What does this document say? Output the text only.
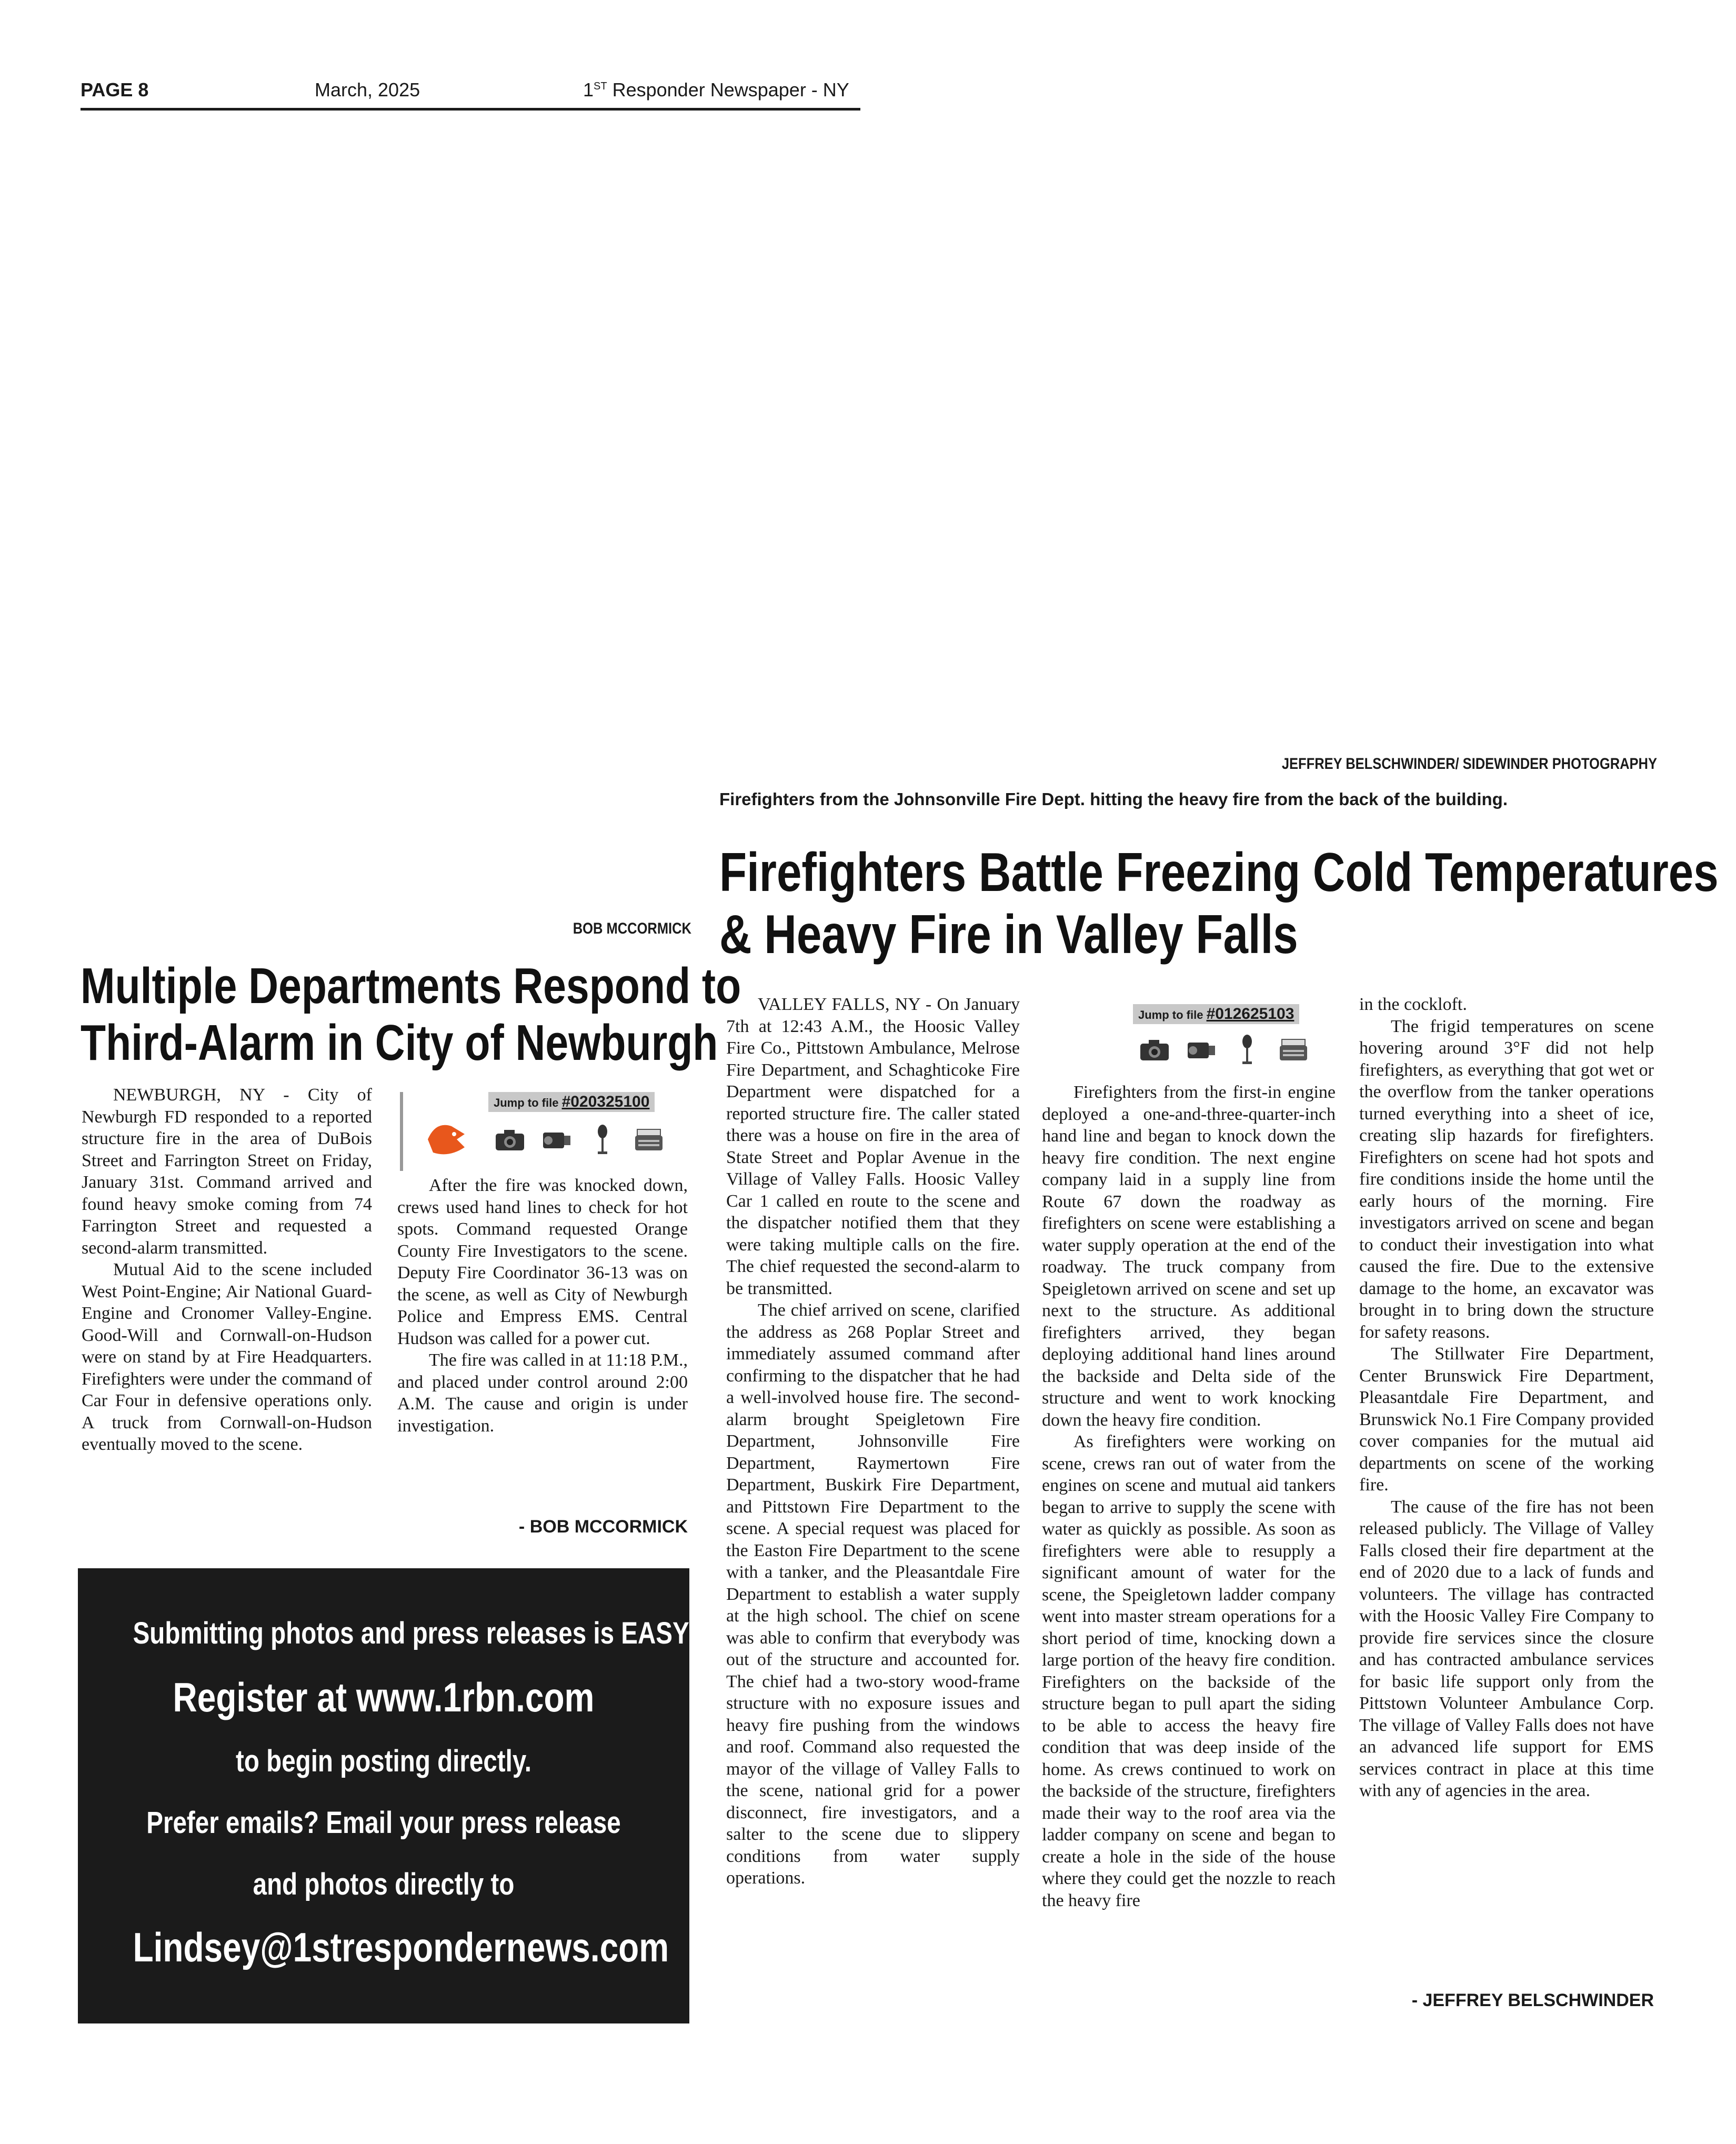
PAGE 8	March, 2025	1ST Responder Newspaper - NY
JEFFREY BELSCHWINDER/ SIDEWINDER PHOTOGRAPHY
Firefighters from the Johnsonville Fire Dept. hitting the heavy fire from the back of the building.
Firefighters Battle Freezing Cold Temperatures
& Heavy Fire in Valley Falls
BOB MCCORMICK
Multiple Departments Respond to
Third-Alarm in City of Newburgh

NEWBURGH, NY - City of Newburgh FD responded to a reported structure fire in the area of DuBois Street and Farrington Street on Friday, January 31st. Command arrived and found heavy smoke coming from 74 Farrington Street and requested a second-alarm transmitted.

Mutual Aid to the scene included West Point-Engine; Air National Guard-Engine and Cronomer Valley-Engine. Good-Will and Cornwall-on-Hudson were on stand by at Fire Headquarters. Firefighters were under the command of Car Four in defensive operations only. A truck from Cornwall-on-Hudson eventually moved to the scene.

Jump to file #020325100

After the fire was knocked down, crews used hand lines to check for hot spots. Command requested Orange County Fire Investigators to the scene. Deputy Fire Coordinator 36-13 was on the scene, as well as City of Newburgh Police and Empress EMS. Central Hudson was called for a power cut.

The fire was called in at 11:18 P.M., and placed under control around 2:00 A.M. The cause and origin is under investigation.

- BOB MCCORMICK
Submitting photos and press releases is EASY!
Register at www.1rbn.com
to begin posting directly.
Prefer emails? Email your press release
and photos directly to
Lindsey@1strespondernews.com

VALLEY FALLS, NY - On January 7th at 12:43 A.M., the Hoosic Valley Fire Co., Pittstown Ambulance, Melrose Fire Department, and Schaghticoke Fire Department were dispatched for a reported structure fire. The caller stated there was a house on fire in the area of State Street and Poplar Avenue in the Village of Valley Falls. Hoosic Valley Car 1 called en route to the scene and the dispatcher notified them that they were taking multiple calls on the fire. The chief requested the second-alarm to be transmitted.

The chief arrived on scene, clarified the address as 268 Poplar Street and immediately assumed command after confirming to the dispatcher that he had a well-involved house fire. The second-alarm brought Speigletown Fire Department, Johnsonville Fire Department, Raymertown Fire Department, Buskirk Fire Department, and Pittstown Fire Department to the scene. A special request was placed for the Easton Fire Department to the scene with a tanker, and the Pleasantdale Fire Department to establish a water supply at the high school. The chief on scene was able to confirm that everybody was out of the structure and accounted for. The chief had a two-story wood-frame structure with no exposure issues and heavy fire pushing from the windows and roof. Command also requested the mayor of the village of Valley Falls to the scene, national grid for a power disconnect, fire investigators, and a salter to the scene due to slippery conditions from water supply operations.

Jump to file #012625103

Firefighters from the first-in engine deployed a one-and-three-quarter-inch hand line and began to knock down the heavy fire condition. The next engine company laid in a supply line from Route 67 down the roadway as firefighters on scene were establishing a water supply operation at the end of the roadway. The truck company from Speigletown arrived on scene and set up next to the structure. As additional firefighters arrived, they began deploying additional hand lines around the backside and Delta side of the structure and went to work knocking down the heavy fire condition.

As firefighters were working on scene, crews ran out of water from the engines on scene and mutual aid tankers began to arrive to supply the scene with water as quickly as possible. As soon as firefighters were able to resupply a significant amount of water for the scene, the Speigletown ladder company went into master stream operations for a short period of time, knocking down a large portion of the heavy fire condition. Firefighters on the backside of the structure began to pull apart the siding to be able to access the heavy fire condition that was deep inside of the home. As crews continued to work on the backside of the structure, firefighters made their way to the roof area via the ladder company on scene and began to create a hole in the side of the house where they could get the nozzle to reach the heavy fire

in the cockloft.

The frigid temperatures on scene hovering around 3°F did not help firefighters, as everything that got wet or the overflow from the tanker operations turned everything into a sheet of ice, creating slip hazards for firefighters. Firefighters on scene had hot spots and fire conditions inside the home until the early hours of the morning. Fire investigators arrived on scene and began to conduct their investigation into what caused the fire. Due to the extensive damage to the home, an excavator was brought in to bring down the structure for safety reasons.

The Stillwater Fire Department, Center Brunswick Fire Department, Pleasantdale Fire Department, and Brunswick No.1 Fire Company provided cover companies for the mutual aid departments on scene of the working fire.

The cause of the fire has not been released publicly. The Village of Valley Falls closed their fire department at the end of 2020 due to a lack of funds and volunteers. The village has contracted with the Hoosic Valley Fire Company to provide fire services since the closure and has contracted ambulance services for basic life support only from the Pittstown Volunteer Ambulance Corp. The village of Valley Falls does not have an advanced life support for EMS services contract in place at this time with any of agencies in the area.

- JEFFREY BELSCHWINDER
